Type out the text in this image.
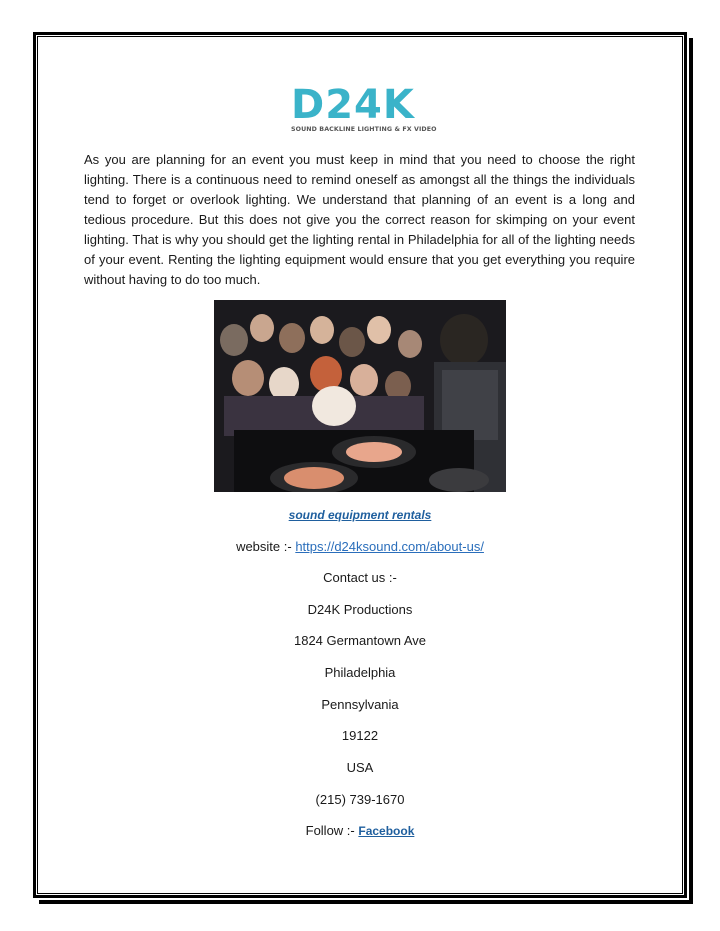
D24K
SOUND BACKLINE LIGHTING & FX VIDEO

As you are planning for an event you must keep in mind that you need to choose the right lighting. There is a continuous need to remind oneself as amongst all the things the individuals tend to forget or overlook lighting. We understand that planning of an event is a long and tedious procedure. But this does not give you the correct reason for skimping on your event lighting. That is why you should get the lighting rental in Philadelphia for all of the lighting needs of your event. Renting the lighting equipment would ensure that you get everything you require without having to do too much.

sound equipment rentals
website :- https://d24ksound.com/about-us/
Contact us :-
D24K Productions
1824 Germantown Ave
Philadelphia
Pennsylvania
19122
USA
(215) 739-1670
Follow :- Facebook
